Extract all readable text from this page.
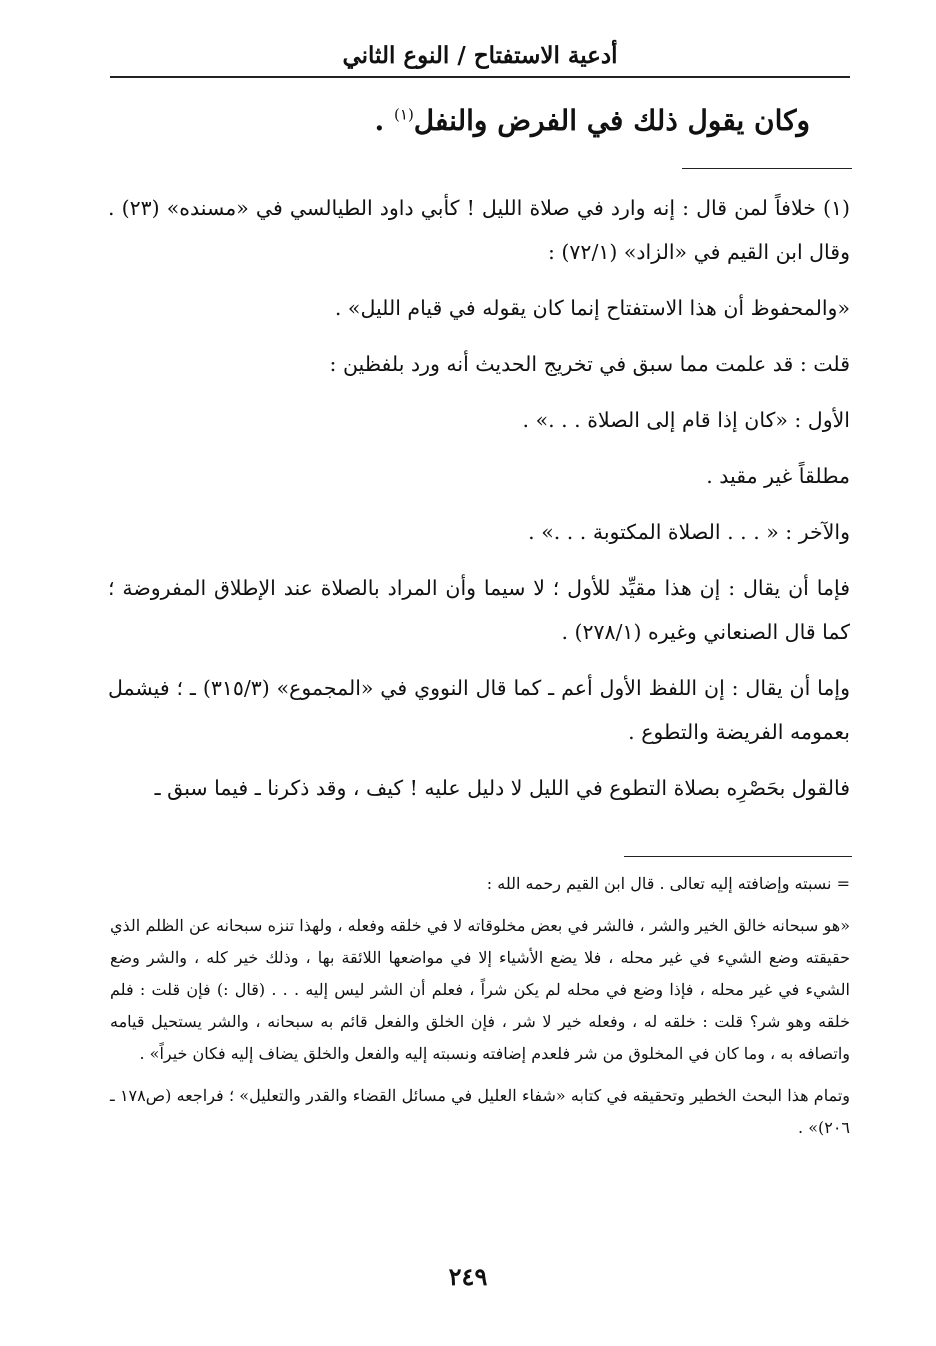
أدعية الاستفتاح / النوع الثاني
وكان يقول ذلك في الفرض والنفل$^{(١)}$ .

(١) خلافاً لمن قال : إنه وارد في صلاة الليل ! كأبي داود الطيالسي في «مسنده» (٢٣) . وقال ابن القيم في «الزاد» (٧٢/١) :

«والمحفوظ أن هذا الاستفتاح إنما كان يقوله في قيام الليل» .

قلت : قد علمت مما سبق في تخريج الحديث أنه ورد بلفظين :

الأول : «كان إذا قام إلى الصلاة . . .» .

مطلقاً غير مقيد .

والآخر : « . . . الصلاة المكتوبة . . .» .

فإما أن يقال : إن هذا مقيِّد للأول ؛ لا سيما وأن المراد بالصلاة عند الإطلاق المفروضة ؛ كما قال الصنعاني وغيره (٢٧٨/١) .

وإما أن يقال : إن اللفظ الأول أعم ـ كما قال النووي في «المجموع» (٣١٥/٣) ـ ؛ فيشمل بعمومه الفريضة والتطوع .

فالقول بحَصْرِه بصلاة التطوع في الليل لا دليل عليه ! كيف ، وقد ذكرنا ـ فيما سبق ـ

= نسبته وإضافته إليه تعالى . قال ابن القيم رحمه الله :

«هو سبحانه خالق الخير والشر ، فالشر في بعض مخلوقاته لا في خلقه وفعله ، ولهذا تنزه سبحانه عن الظلم الذي حقيقته وضع الشيء في غير محله ، فلا يضع الأشياء إلا في مواضعها اللائقة بها ، وذلك خير كله ، والشر وضع الشيء في غير محله ، فإذا وضع في محله لم يكن شراً ، فعلم أن الشر ليس إليه . . . (قال :) فإن قلت : فلم خلقه وهو شر؟ قلت : خلقه له ، وفعله خير لا شر ، فإن الخلق والفعل قائم به سبحانه ، والشر يستحيل قيامه واتصافه به ، وما كان في المخلوق من شر فلعدم إضافته ونسبته إليه والفعل والخلق يضاف إليه فكان خيراً» .

وتمام هذا البحث الخطير وتحقيقه في كتابه «شفاء العليل في مسائل القضاء والقدر والتعليل» ؛ فراجعه (ص١٧٨ ـ ٢٠٦)» .

٢٤٩
